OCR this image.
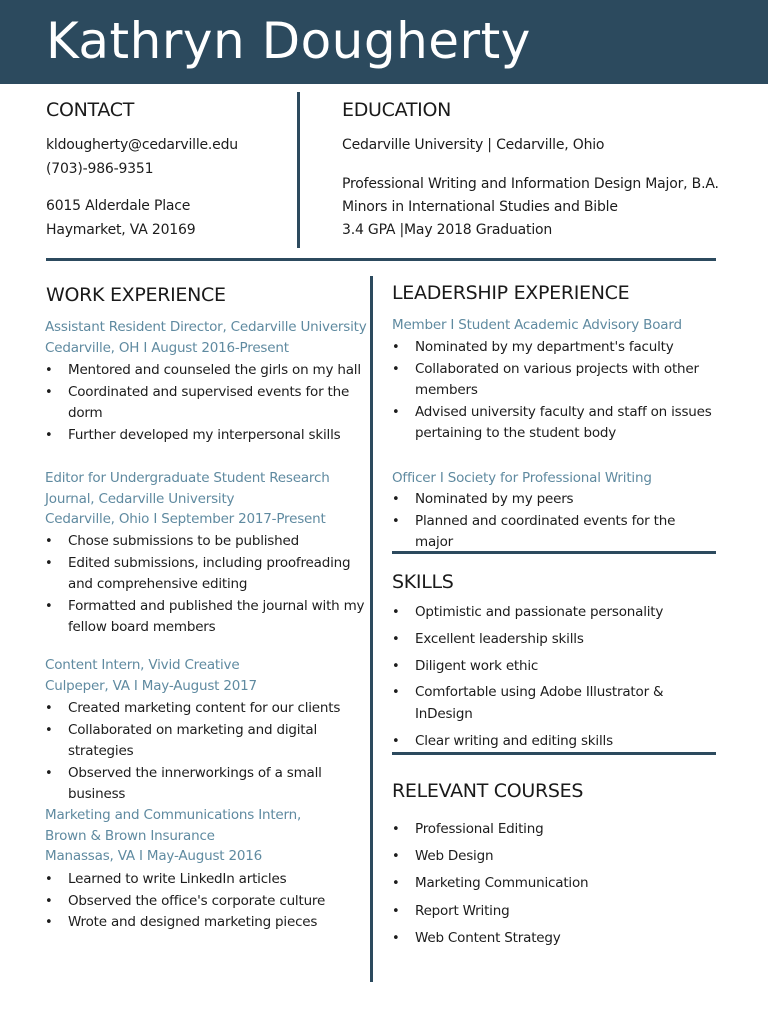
Kathryn Dougherty
CONTACT
kldougherty@cedarville.edu
(703)-986-9351
6015 Alderdale Place
Haymarket, VA 20169
EDUCATION
Cedarville University | Cedarville, Ohio
Professional Writing and Information Design Major, B.A.
Minors in International Studies and Bible
3.4 GPA |May 2018 Graduation
WORK EXPERIENCE
Assistant Resident Director, Cedarville University
Cedarville, OH I August 2016-Present
• Mentored and counseled the girls on my hall
• Coordinated and supervised events for the dorm
• Further developed my interpersonal skills
Editor for Undergraduate Student Research Journal, Cedarville University
Cedarville, Ohio I September 2017-Present
• Chose submissions to be published
• Edited submissions, including proofreading and comprehensive editing
• Formatted and published the journal with my fellow board members
Content Intern, Vivid Creative
Culpeper, VA I May-August 2017
• Created marketing content for our clients
• Collaborated on marketing and digital strategies
• Observed the innerworkings of a small business
Marketing and Communications Intern, Brown & Brown Insurance
Manassas, VA I May-August 2016
• Learned to write LinkedIn articles
• Observed the office's corporate culture
• Wrote and designed marketing pieces
LEADERSHIP EXPERIENCE
Member I Student Academic Advisory Board
• Nominated by my department's faculty
• Collaborated on various projects with other members
• Advised university faculty and staff on issues pertaining to the student body
Officer I Society for Professional Writing
• Nominated by my peers
• Planned and coordinated events for the major
SKILLS
• Optimistic and passionate personality
• Excellent leadership skills
• Diligent work ethic
• Comfortable using Adobe Illustrator & InDesign
• Clear writing and editing skills
RELEVANT COURSES
• Professional Editing
• Web Design
• Marketing Communication
• Report Writing
• Web Content Strategy
